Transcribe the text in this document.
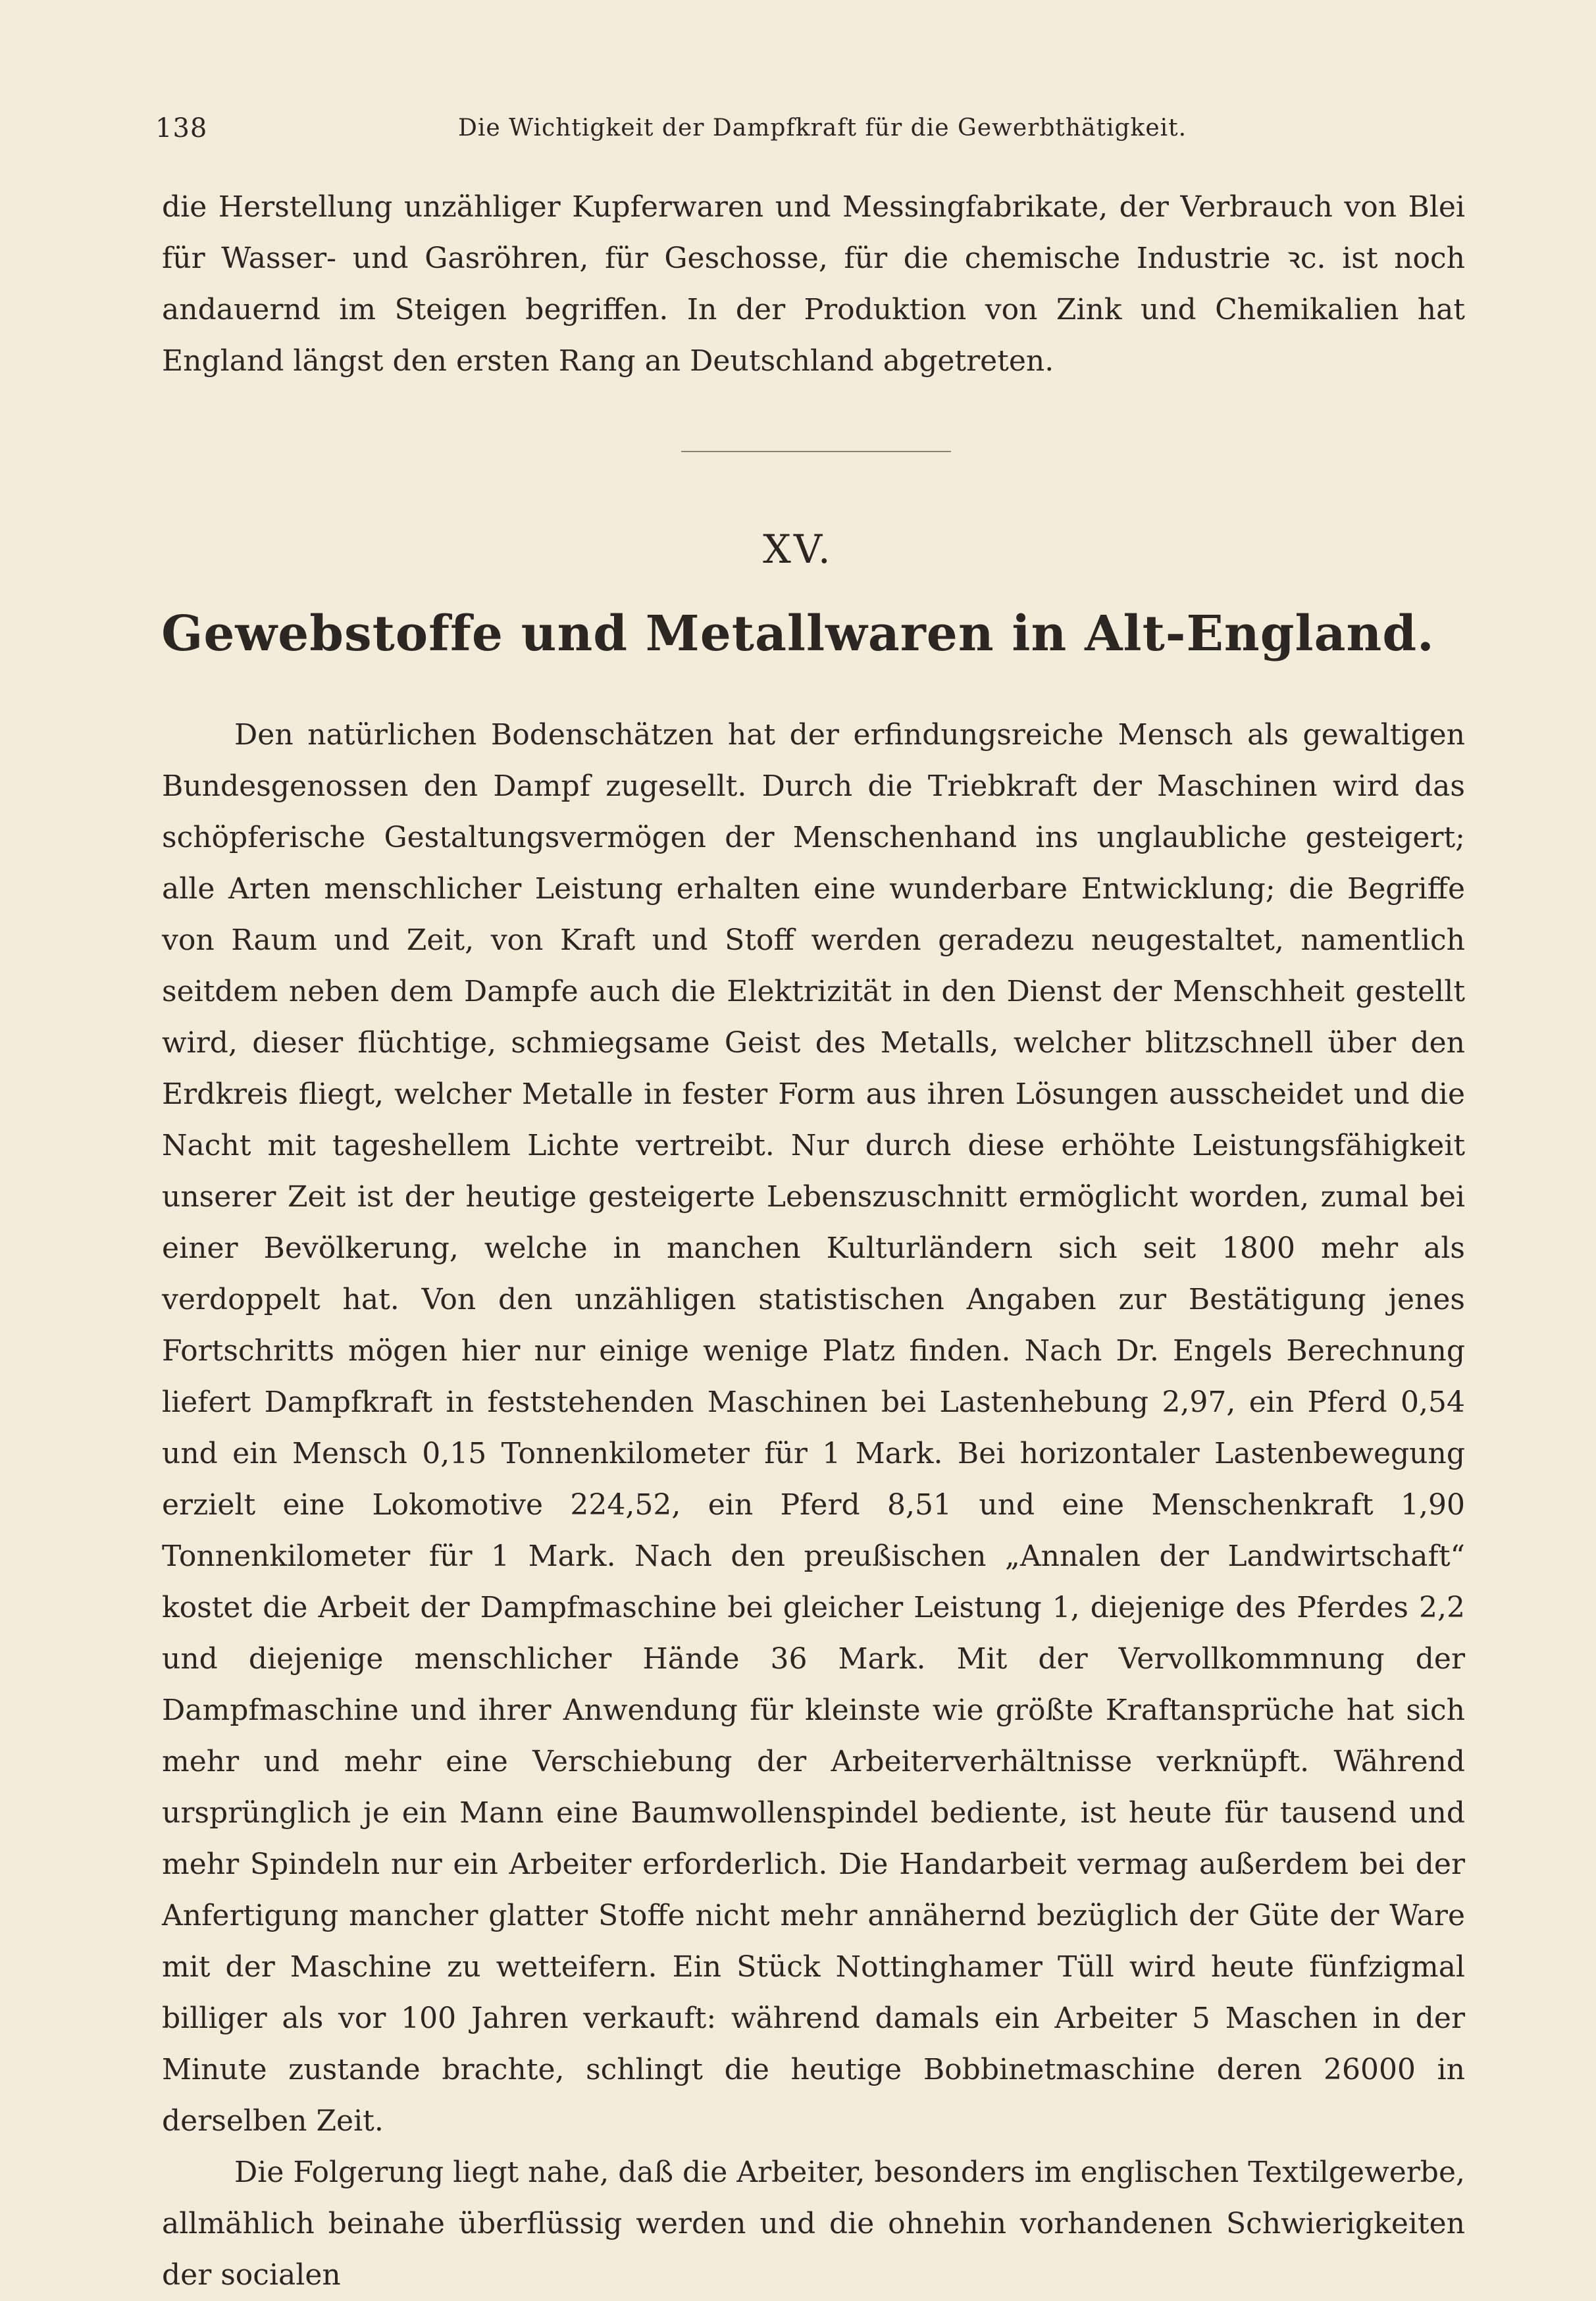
138	Die Wichtigkeit der Dampfkraft für die Gewerbthätigkeit.

die Herstellung unzähliger Kupferwaren und Messingfabrikate, der Verbrauch von Blei für Wasser- und Gasröhren, für Geschosse, für die chemische Industrie ꝛc. ist noch andauernd im Steigen begriffen. In der Produktion von Zink und Chemikalien hat England längst den ersten Rang an Deutschland abgetreten.

XV.
Gewebstoffe und Metallwaren in Alt-England.

Den natürlichen Bodenschätzen hat der erfindungsreiche Mensch als gewaltigen Bundesgenossen den Dampf zugesellt. Durch die Triebkraft der Maschinen wird das schöpferische Gestaltungsvermögen der Menschenhand ins unglaubliche gesteigert; alle Arten menschlicher Leistung erhalten eine wunderbare Entwicklung; die Begriffe von Raum und Zeit, von Kraft und Stoff werden geradezu neugestaltet, namentlich seitdem neben dem Dampfe auch die Elektrizität in den Dienst der Menschheit gestellt wird, dieser flüchtige, schmiegsame Geist des Metalls, welcher blitzschnell über den Erdkreis fliegt, welcher Metalle in fester Form aus ihren Lösungen ausscheidet und die Nacht mit tageshellem Lichte vertreibt. Nur durch diese erhöhte Leistungsfähigkeit unserer Zeit ist der heutige gesteigerte Lebenszuschnitt ermöglicht worden, zumal bei einer Bevölkerung, welche in manchen Kulturländern sich seit 1800 mehr als verdoppelt hat. Von den unzähligen statistischen Angaben zur Bestätigung jenes Fortschritts mögen hier nur einige wenige Platz finden. Nach Dr. Engels Berechnung liefert Dampfkraft in feststehenden Maschinen bei Lastenhebung 2,97, ein Pferd 0,54 und ein Mensch 0,15 Tonnenkilometer für 1 Mark. Bei horizontaler Lastenbewegung erzielt eine Lokomotive 224,52, ein Pferd 8,51 und eine Menschenkraft 1,90 Tonnenkilometer für 1 Mark. Nach den preußischen „Annalen der Landwirtschaft“ kostet die Arbeit der Dampfmaschine bei gleicher Leistung 1, diejenige des Pferdes 2,2 und diejenige menschlicher Hände 36 Mark. Mit der Vervollkommnung der Dampfmaschine und ihrer Anwendung für kleinste wie größte Kraftansprüche hat sich mehr und mehr eine Verschiebung der Arbeiterverhältnisse verknüpft. Während ursprünglich je ein Mann eine Baumwollenspindel bediente, ist heute für tausend und mehr Spindeln nur ein Arbeiter erforderlich. Die Handarbeit vermag außerdem bei der Anfertigung mancher glatter Stoffe nicht mehr annähernd bezüglich der Güte der Ware mit der Maschine zu wetteifern. Ein Stück Nottinghamer Tüll wird heute fünfzigmal billiger als vor 100 Jahren verkauft: während damals ein Arbeiter 5 Maschen in der Minute zustande brachte, schlingt die heutige Bobbinetmaschine deren 26000 in derselben Zeit.

Die Folgerung liegt nahe, daß die Arbeiter, besonders im englischen Textilgewerbe, allmählich beinahe überflüssig werden und die ohnehin vorhandenen Schwierigkeiten der socialen
